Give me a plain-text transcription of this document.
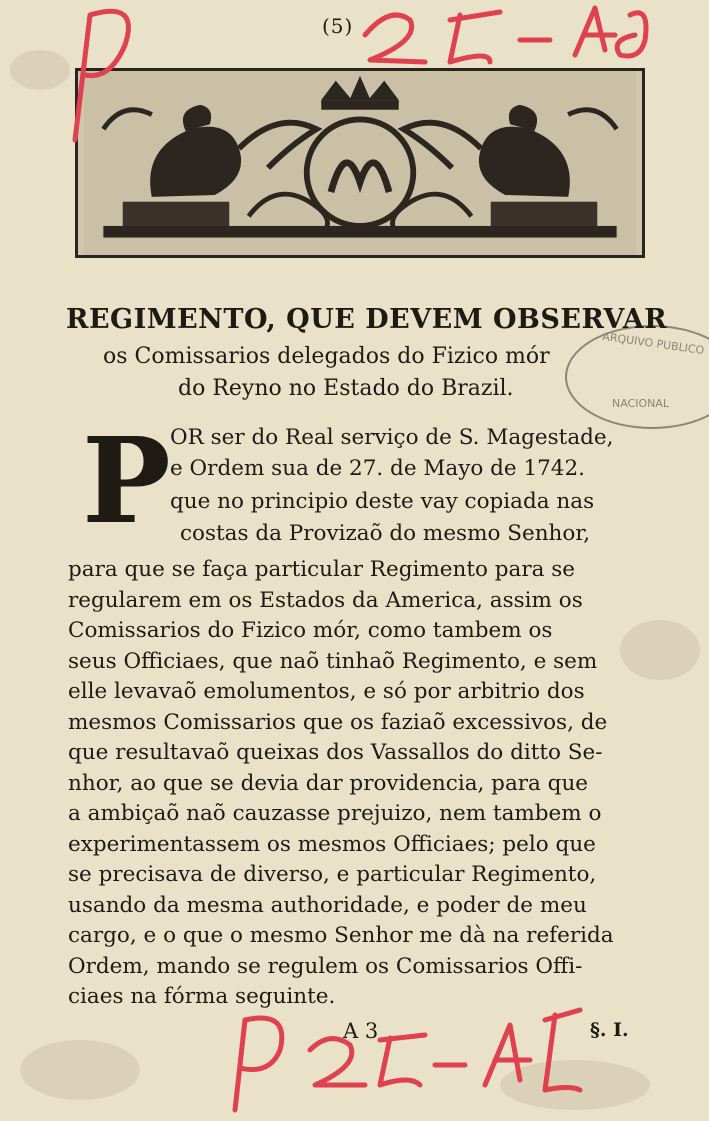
(5)
ARQUIVO PUBLICO
NACIONAL
REGIMENTO, QUE DEVEM OBSERVAR
os Comissarios delegados do Fizico mór
do Reyno no Estado do Brazil.
P OR ser do Real serviço de S. Magestade,
e Ordem sua de 27. de Mayo de 1742.
que no principio deste vay copiada nas
costas da Provizaõ do mesmo Senhor,
para que se faça particular Regimento para se
regularem em os Estados da America, assim os
Comissarios do Fizico mór, como tambem os
seus Officiaes, que naõ tinhaõ Regimento, e sem
elle levavaõ emolumentos, e só por arbitrio dos
mesmos Comissarios que os faziaõ excessivos, de
que resultavaõ queixas dos Vassallos do ditto Se-
nhor, ao que se devia dar providencia, para que
a ambiçaõ naõ cauzasse prejuizo, nem tambem o
experimentassem os mesmos Officiaes; pelo que
se precisava de diverso, e particular Regimento,
usando da mesma authoridade, e poder de meu
cargo, e o que o mesmo Senhor me dà na referida
Ordem, mando se regulem os Comissarios Offi-
ciaes na fórma seguinte.
A 3	§. I.
